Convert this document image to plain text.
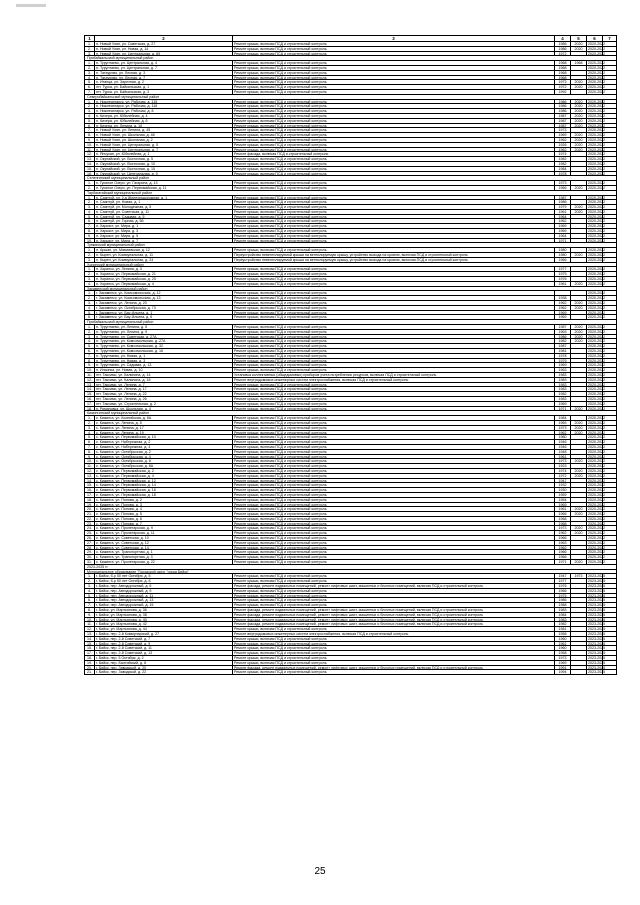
1	2	3	4	5	6	7
1.	п. Новый Уоян, ул. Советская, д. 27	Ремонт крыши, включая ПСД и строительный контроль	1986	2020	2020-2022
2.	п. Новый Уоян, ул. Новая, д. 14	Ремонт крыши, включая ПСД и строительный контроль	1986	2020	2020-2022
3.	п. Новый Уоян, ул. Центральная, д. 89	Ремонт крыши, включая ПСД и строительный контроль	1972	2020-2022
Прибайкальский муниципальный район
1.	п. Турунтаево, ул. Центральная, д. 4	Ремонт крыши, включая ПСД и строительный контроль	1968	1968	2020-2022
2.	п. Турунтаево, ул. Центральная, д. 7	Ремонт крыши, включая ПСД и строительный контроль	1968	2020-2022
3.	п. Татаурово, ул. Лесная, д. 3	Ремонт крыши, включая ПСД и строительный контроль	1968	2020-2022
4.	п. Татаурово, ул. Лесная, д. 7	Ремонт крыши, включая ПСД и строительный контроль	1968	2020-2022
5.	п. Итанца, ул. Заречная, д. 2	Ремонт крыши, включая ПСД и строительный контроль	1973	2020	2020-2022
6.	пгт. Турка, ул. Байкальская, д. 1	Ремонт крыши, включая ПСД и строительный контроль	1972	2020	2020-2022
7.	пгт. Турка, ул. Байкальская, д. 3	Ремонт крыши, включая ПСД и строительный контроль	1992	2020-2022
Северобайкальский муниципальный район
1.	п. Нижнеангарск, ул. Рабочая, д. 115	Ремонт крыши, включая ПСД и строительный контроль	1986	2020	2020-2022
2.	п. Нижнеангарск, ул. Рабочая, д. 116	Ремонт крыши, включая ПСД и строительный контроль	1986	2020	2020-2022
3.	п. Нижнеангарск, ул. Рабочая, д. 8	Ремонт крыши, включая ПСД и строительный контроль	1986	2020	2020-2022
4.	п. Кичера, ул. Юбилейная, д. 4	Ремонт крыши, включая ПСД и строительный контроль	1987	2020	2020-2022
5.	п. Кичера, ул. Юбилейная, д. 6	Ремонт крыши, включая ПСД и строительный контроль	1987	2020	2020-2022
6.	п. Кичера, ул. Ленина, д. 10	Ремонт крыши, включая ПСД и строительный контроль	1987	2020	2020-2022
7.	п. Новый Уоян, ул. Ленина, д. 45	Ремонт крыши, включая ПСД и строительный контроль	1973	2020-2022
8.	п. Новый Уоян, ул. Школьная, д. 48	Ремонт крыши, включая ПСД и строительный контроль	1969	2020	2020-2022
9.	п. Новый Уоян, ул. Школьная, д. 2	Ремонт крыши, включая ПСД и строительный контроль	1962	2020	2020-2022
10.	п. Новый Уоян, ул. Центральная, д. 5	Ремонт крыши, включая ПСД и строительный контроль	1926	2020	2020-2022
11.	п. Новый Уоян, ул. Центральная, д. 7	Ремонт крыши, включая ПСД и строительный контроль	1962	2020	2020-2022
12.	п. Янчукан, ул. Юбилейная, д. 1	Ремонт фасада, включая ПСД и строительный контроль	1974	2020-2022
13.	п. Окунайский, ул. Восточная, д. 5	Ремонт крыши, включая ПСД и строительный контроль	1982	2020-2022
14.	п. Окунайский, ул. Восточная, д. 10	Ремонт крыши, включая ПСД и строительный контроль	1982	2020-2022
15.	п. Окунайский, ул. Восточная, д. 15	Ремонт крыши, включая ПСД и строительный контроль	1984	2020-2022
16.	п. Окунайский, ул. Центральная, д. 9	Ремонт крыши, включая ПСД и строительный контроль	1978	2020-2022
Селенгинский муниципальный район
1.	п. Гусиное Озеро, ул. Гагарина, д. 13	Ремонт крыши, включая ПСД и строительный контроль	1973	2020-2022
2.	п. Гусиное Озеро, ул. Первомайская, д. 11	Ремонт крыши, включая ПСД и строительный контроль	1966	2020	2020-2022
Тарбагатайский муниципальный район
1.	п. Саянтуй, ул. 2-я Железнодорожная, д. 1	Ремонт крыши, включая ПСД и строительный контроль	1987	2020-2022
2.	п. Саянтуй, ул. Новая, д. 1	Ремонт крыши, включая ПСД и строительный контроль	1986	2020-2022
3.	п. Саянтуй, ул. Молодежная, д. 5	Ремонт крыши, включая ПСД и строительный контроль	1979	2020	2020-2022
4.	п. Саянтуй, ул. Советская, д. 11	Ремонт крыши, включая ПСД и строительный контроль	1961	2020	2020-2022
5.	п. Саянтуй, ул. Садовая, д. 5	Ремонт крыши, включая ПСД и строительный контроль	1964	2020-2022
6.	п. Саянтуй, ул. Горная, д. 56	Ремонт крыши, включая ПСД и строительный контроль	1962	2020-2022
7.	п. Харьяст, ул. Мира, д. 1	Ремонт крыши, включая ПСД и строительный контроль	1969	2020-2022
8.	п. Харьяст, ул. Мира, д. 3	Ремонт крыши, включая ПСД и строительный контроль	1969	2020-2022
9.	п. Харьяст, ул. Мира, д. 5	Ремонт крыши, включая ПСД и строительный контроль	1964	2020-2022
10.	п. Харьяст, ул. Мира, д. 7	Ремонт крыши, включая ПСД и строительный контроль	1971	2020-2022
Тункинский муниципальный район
1.	п. Аршан, ул. Мамаевская, д. 12	Ремонт крыши, включая ПСД и строительный контроль	1980	2020-2022
2.	п. Кырен, ул. Коммунальная, д. 11	Переустройство невентилируемой крыши на вентилируемую крышу, устройство выхода на кровлю, включая ПСД и строительный контроль	1980	2020	2020-2022
3.	п. Кырен, ул. Коммунальная, д. 24	Переустройство невентилируемой крыши на вентилируемую крышу, устройство выхода на кровлю, включая ПСД и строительный контроль	1966	2020-2022
Хоринский муниципальный район
1.	п. Хоринск, ул. Ленина, д. 3	Ремонт крыши, включая ПСД и строительный контроль	1977	2020-2022
2.	п. Хоринск, ул. Первомайская, д. 21	Ремонт крыши, включая ПСД и строительный контроль	1975	2020-2022
3.	п. Хоринск, ул. Первомайская, д. 25	Ремонт крыши, включая ПСД и строительный контроль	1976	2020-2022
4.	п. Хоринск, ул. Первомайская, д. 4	Ремонт крыши, включая ПСД и строительный контроль	1961	2020	2020-2022
Закаменский муниципальный район
1.	г. Закаменск, ул. Комсомольская, д. 12	Ремонт крыши, включая ПСД и строительный контроль	2020-2022
2.	г. Закаменск, ул. Комсомольская, д. 13	Ремонт крыши, включая ПСД и строительный контроль	1938	2020-2022
3.	г. Закаменск, ул. Ленина, д. 20	Ремонт крыши, включая ПСД и строительный контроль	1962	2020	2020-2022
4.	г. Закаменск, ул. Октябрьская, д. 73	Ремонт крыши, включая ПСД и строительный контроль	1962	2020	2020-2022
5.	г. Закаменск, ул. Бау-Ильина, д. 1	Ремонт крыши, включая ПСД и строительный контроль	1969	2020-2022
6.	г. Закаменск, ул. Бау-Ильина, д. 6	Ремонт крыши, включая ПСД и строительный контроль	1969	2020-2022
Прибайкальский муниципальный район
1.	п. Турунтаево, ул. Ленина, д. 5	Ремонт крыши, включая ПСД и строительный контроль	1987	2020	2020-2022
2.	п. Турунтаево, ул. Ленина, д. 9	Ремонт крыши, включая ПСД и строительный контроль	1963	2020	2020-2022
3.	п. Турунтаево, ул. Советская, д. 27А	Ремонт крыши, включая ПСД и строительный контроль	1986	2020	2020-2022
4.	п. Турунтаево, ул. Комсомольская, д. 27А	Ремонт крыши, включая ПСД и строительный контроль	1982	2020	2020-2022
5.	п. Турунтаево, ул. Комсомольская, д. 32	Ремонт крыши, включая ПСД и строительный контроль	1987	2020-2022
6.	п. Турунтаево, ул. Комсомольская, д. 16	Ремонт крыши, включая ПСД и строительный контроль	1981	2020-2022
7.	п. Турунтаево, ул. Новая, д. 1	Ремонт крыши, включая ПСД и строительный контроль	1978	2020-2022
8.	п. Турунтаево, ул. Новая, д. 3	Ремонт крыши, включая ПСД и строительный контроль	1979	2020-2022
9.	п. Турунтаево, ул. Садовая, д. 13	Ремонт крыши, включая ПСД и строительный контроль	1969	2020-2022
10.	п. Ильинка, ул. Новая, д. 10	Ремонт крыши, включая ПСД и строительный контроль	1963	2020-2022
11.	пгт. Таксимо, ул. Калинина, д. 14	Установка коллективных (общедомовых) приборов учета потребления ресурсов, включая ПСД и строительный контроль	1983	2020-2022
12.	пгт. Таксимо, ул. Калинина, д. 18	Ремонт внутридомовых инженерных систем электроснабжения, включая ПСД и строительный контроль	1983	2020-2022
13.	пгт. Таксимо, ул. Ленина, д. 7	Ремонт крыши, включая ПСД и строительный контроль	1983	2020-2022
14.	пгт. Таксимо, ул. Ленина, д. 17	Ремонт крыши, включая ПСД и строительный контроль	1983	2020-2022
15.	пгт. Таксимо, ул. Ленина, д. 22	Ремонт крыши, включая ПСД и строительный контроль	1982	2020-2022
16.	пгт. Таксимо, ул. Ленина, д. 26	Ремонт крыши, включая ПСД и строительный контроль	1983	2020-2022
17.	пгт. Таксимо, ул. Строительная, д. 2	Ремонт крыши, включая ПСД и строительный контроль	1969	2020-2022
18.	п. Романовка, ул. Школьная, д. 4	Ремонт крыши, включая ПСД и строительный контроль	1971	2020	2020-2022
Кижингинский муниципальный район
1.	с. Кижинга, ул. Коопийская, д. 6А	Ремонт крыши, включая ПСД и строительный контроль	1984	2020-2022
2.	с. Кижинга, ул. Ленина, д. 5	Ремонт крыши, включая ПСД и строительный контроль	1969	2020	2020-2022
3.	с. Кижинга, ул. Ленина, д. 17	Ремонт крыши, включая ПСД и строительный контроль	1973	2020	2020-2022
4.	с. Кижинга, ул. Ленина, д. 19	Ремонт крыши, включая ПСД и строительный контроль	1962	2020	2020-2022
5.	с. Кижинга, ул. Первомайская, д. 10	Ремонт крыши, включая ПСД и строительный контроль	1980	2020-2022
6.	с. Кижинга, ул. Набережная, д. 2	Ремонт крыши, включая ПСД и строительный контроль	1946	2020-2022
7.	с. Кижинга, ул. Набережная, д. 4	Ремонт крыши, включая ПСД и строительный контроль	1946	2020-2022
8.	с. Кижинга, ул. Октябрьская, д. 2	Ремонт крыши, включая ПСД и строительный контроль	1948	2020-2022
9.	с. Кижинга, ул. Октябрьская, д. 4	Ремонт крыши, включая ПСД и строительный контроль	1961	2020-2022
10.	с. Кижинга, ул. Октябрьская, д. 6	Ремонт крыши, включая ПСД и строительный контроль	1973	2020	2020-2022
11.	с. Кижинга, ул. Октябрьская, д. 8А	Ремонт крыши, включая ПСД и строительный контроль	1923	2020-2022
12.	с. Кижинга, ул. Первомайская, д. 2	Ремонт крыши, включая ПСД и строительный контроль	1974	2020	2020-2022
13.	с. Кижинга, ул. Первомайская, д. 4	Ремонт крыши, включая ПСД и строительный контроль	1972	2020	2020-2022
14.	с. Кижинга, ул. Первомайская, д. 12	Ремонт крыши, включая ПСД и строительный контроль	1947	2020-2022
15.	с. Кижинга, ул. Первомайская, д. 14	Ремонт крыши, включая ПСД и строительный контроль	1932	2020-2022
16.	с. Кижинга, ул. Первомайская, д. 16	Ремонт крыши, включая ПСД и строительный контроль	1930	2020-2022
17.	с. Кижинга, ул. Первомайская, д. 18	Ремонт крыши, включая ПСД и строительный контроль	1959	2020-2022
18.	с. Кижинга, ул. Попова, д. 2	Ремонт крыши, включая ПСД и строительный контроль	1954	2020-2022
19.	с. Кижинга, ул. Попова, д. 3	Ремонт крыши, включая ПСД и строительный контроль	1969	2020-2022
20.	с. Кижинга, ул. Попова, д. 4	Ремонт крыши, включая ПСД и строительный контроль	1961	2020	2020-2022
21.	с. Кижинга, ул. Попова, д. 5	Ремонт крыши, включая ПСД и строительный контроль	1966	2020	2020-2022
22.	с. Кижинга, ул. Попова, д. 6	Ремонт крыши, включая ПСД и строительный контроль	1968	2020-2022
23.	с. Кижинга, ул. Попова, д. 7	Ремонт крыши, включая ПСД и строительный контроль	1968	2020-2022
24.	с. Кижинга, ул. Пролетарская, д. 9	Ремонт крыши, включая ПСД и строительный контроль	1973	2020	2020-2022
25.	с. Кижинга, ул. Пролетарская, д. 11	Ремонт крыши, включая ПСД и строительный контроль	1962	2020	2020-2022
26.	с. Кижинга, ул. Советская, д. 10	Ремонт крыши, включая ПСД и строительный контроль	1966	2020-2022
27.	с. Кижинга, ул. Советская, д. 12	Ремонт крыши, включая ПСД и строительный контроль	1963	2020-2022
28.	с. Кижинга, ул. Советская, д. 14	Ремонт крыши, включая ПСД и строительный контроль	1962	2020-2022
29.	с. Кижинга, ул. Транспортная, д. 1	Ремонт крыши, включая ПСД и строительный контроль	1966	2020-2022
30.	с. Кижинга, ул. Транспортная, д. 3	Ремонт крыши, включая ПСД и строительный контроль	1966	2020-2022
31.	с. Кижинга, ул. Пролетарская, д. 22	Ремонт крыши, включая ПСД и строительный контроль	1971	2020	2020-2022
2023-2025 гг.
Муниципальное образование "Городской округ "город Бийск"
1.	г. Бийск, б-р 50 лет Октября, д. 5	Ремонт крыши, включая ПСД и строительный контроль	1947	1973	2023-2025
2.	г. Бийск, б-р 50 лет Октября, д. 8	Ремонт крыши, включая ПСД и строительный контроль	1977	2023-2025
3.	г. Бийск, пер. Автодорожный, д. 6	Ремонт фасада, ремонт подвальных помещений, ремонт лифтовых шахт, машинных и блочных помещений, включая ПСД и строительный контроль	1976	2023-2025
4.	г. Бийск, пер. Автодорожный, д. 9	Ремонт крыши, включая ПСД и строительный контроль	1966	2023-2025
5.	г. Бийск, пер. Автодорожный, д. 11	Ремонт крыши, включая ПСД и строительный контроль	1975	2023-2025
6.	г. Бийск, пер. Автодорожный, д. 13	Ремонт крыши, включая ПСД и строительный контроль	1986	2023-2025
7.	г. Бийск, пер. Автодорожный, д. 15	Ремонт крыши, включая ПСД и строительный контроль	1988	2023-2025
8.	г. Бийск, ул. Мартьянова, д. 36	Ремонт фасада, ремонт подвальных помещений, ремонт лифтовых шахт, машинных и блочных помещений, включая ПСД и строительный контроль	1983	2023-2025
9.	г. Бийск, ул. Мартьянова, д. 38	Ремонт фасада, ремонт подвальных помещений, ремонт лифтовых шахт, машинных и блочных помещений, включая ПСД и строительный контроль	1984	2023-2025
10.	г. Бийск, ул. Мартьянова, д. 40	Ремонт фасада, ремонт подвальных помещений, ремонт лифтовых шахт, машинных и блочных помещений, включая ПСД и строительный контроль	1983	2023-2025
11.	г. Бийск, ул. Мартьянова, д. 42	Ремонт фасада, ремонт подвальных помещений, ремонт лифтовых шахт, машинных и блочных помещений, включая ПСД и строительный контроль	1982	2023-2025
12.	г. Бийск, ул. Мартьянова, д. 44	Ремонт крыши, включая ПСД и строительный контроль	1981	2023-2025
13.	г. Бийск, пер. 2-й Коммунарский, д. 27	Ремонт внутридомовых инженерных систем электроснабжения, включая ПСД и строительный контроль	1958	2023-2025
14.	г. Бийск, пер. 2-й Советский, д. 7	Ремонт крыши, включая ПСД и строительный контроль	1960	2023-2025
15.	г. Бийск, пер. 2-й Советский, д. 9	Ремонт крыши, включая ПСД и строительный контроль	1961	2023-2025
16.	г. Бийск, пер. 2-й Советский, д. 11	Ремонт крыши, включая ПСД и строительный контроль	1960	2023-2025
17.	г. Бийск, пер. 2-й Советский, д. 13	Ремонт крыши, включая ПСД и строительный контроль	1958	2023-2025
18.	г. Бийск, пер. 5 Октября, д. 2	Ремонт крыши, включая ПСД и строительный контроль	1973	2023-2025
19.	г. Бийск, пер. Балтийский, д. 8	Ремонт крыши, включая ПСД и строительный контроль	1969	2023-2025
20.	г. Бийск, пер. Заводской, д. 20	Ремонт фасада, ремонт подвальных помещений, ремонт лифтовых шахт, машинных и блочных помещений, включая ПСД и строительный контроль	1991	2023-2025
21.	г. Бийск, пер. Заводской, д. 22	Ремонт крыши, включая ПСД и строительный контроль	1994	2023-2025
25
